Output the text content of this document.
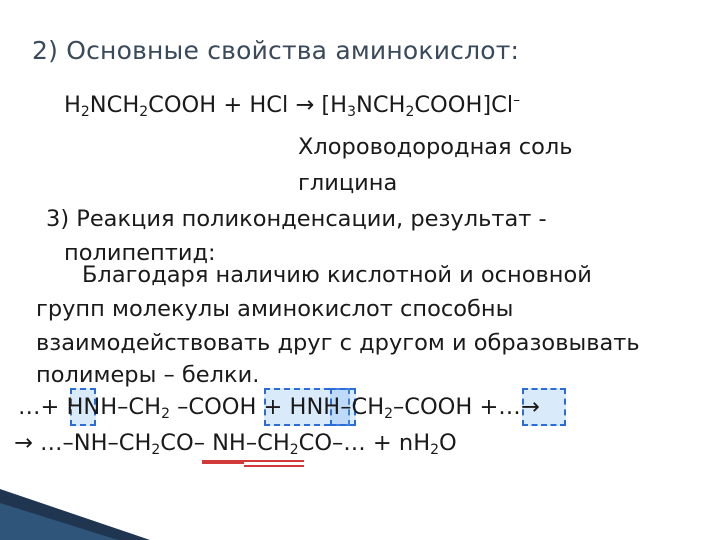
2) Основные свойства аминокислот:
$H_2NCH_2COOH$ + HCl → $[H_3NCH_2COOH]Cl^-$
Хлороводородная соль
глицина
3) Реакция поликонденсации, результат -
полипептид:
Благодаря наличию кислотной и основной
групп молекулы аминокислот способны
взаимодействовать друг с другом и образовывать
полимеры – белки.
…+ HNH–$CH_2$ –COOH + HNH–$CH_2$–COOH +…→
→ $\dots-NH-CH_2CO-$ $NH-CH_2CO-\dots + nH_2O$
